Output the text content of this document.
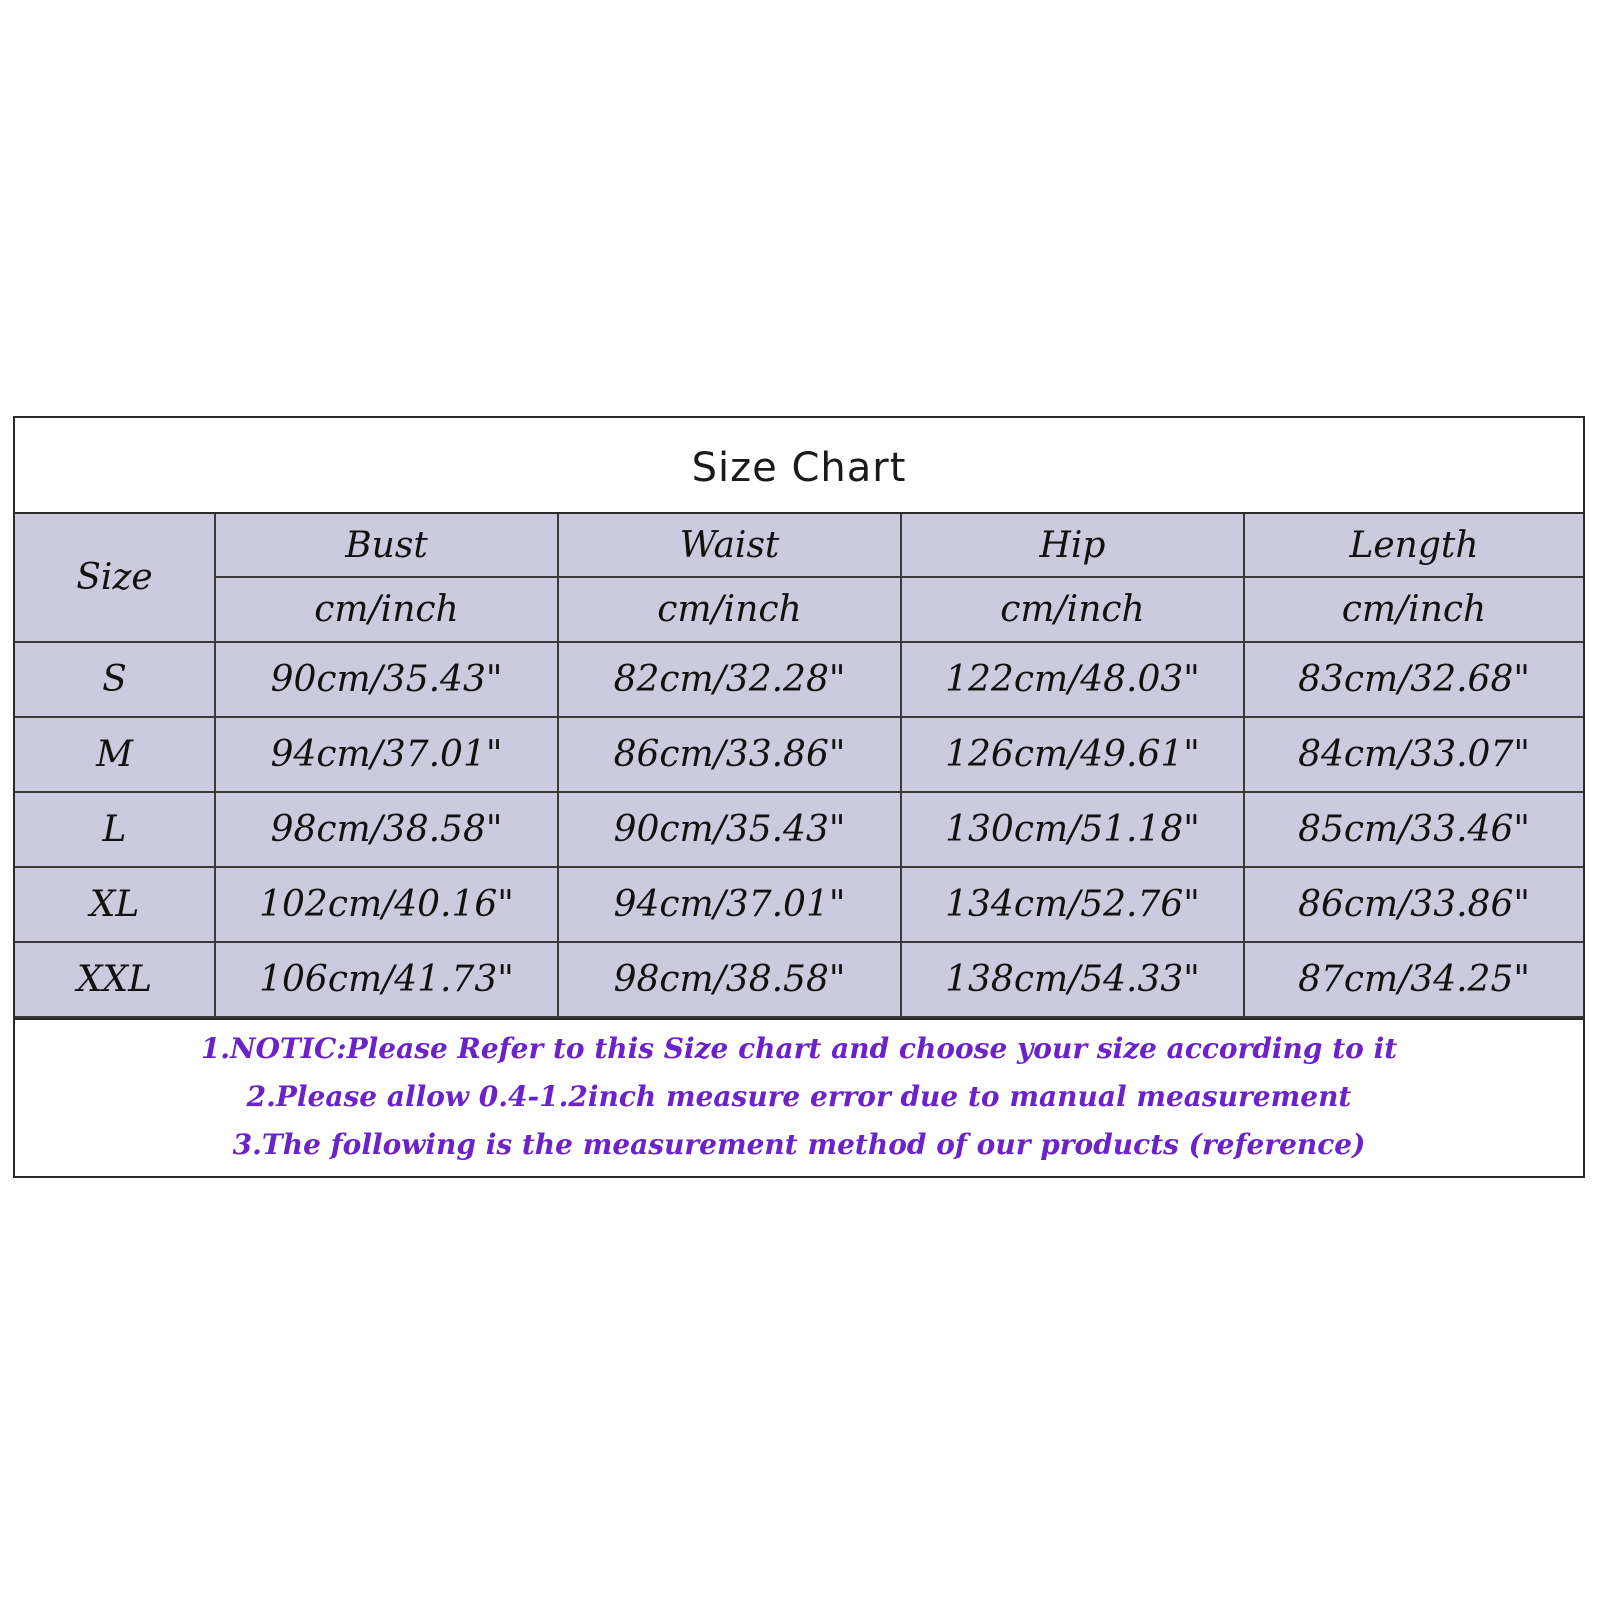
Size Chart
Size	Bust	Waist	Hip	Length
	cm/inch	cm/inch	cm/inch	cm/inch
S	90cm/35.43"	82cm/32.28"	122cm/48.03"	83cm/32.68"
M	94cm/37.01"	86cm/33.86"	126cm/49.61"	84cm/33.07"
L	98cm/38.58"	90cm/35.43"	130cm/51.18"	85cm/33.46"
XL	102cm/40.16"	94cm/37.01"	134cm/52.76"	86cm/33.86"
XXL	106cm/41.73"	98cm/38.58"	138cm/54.33"	87cm/34.25"
1.NOTIC:Please Refer to this Size chart and choose your size according to it
2.Please allow 0.4-1.2inch measure error due to manual measurement
3.The following is the measurement method of our products (reference)
